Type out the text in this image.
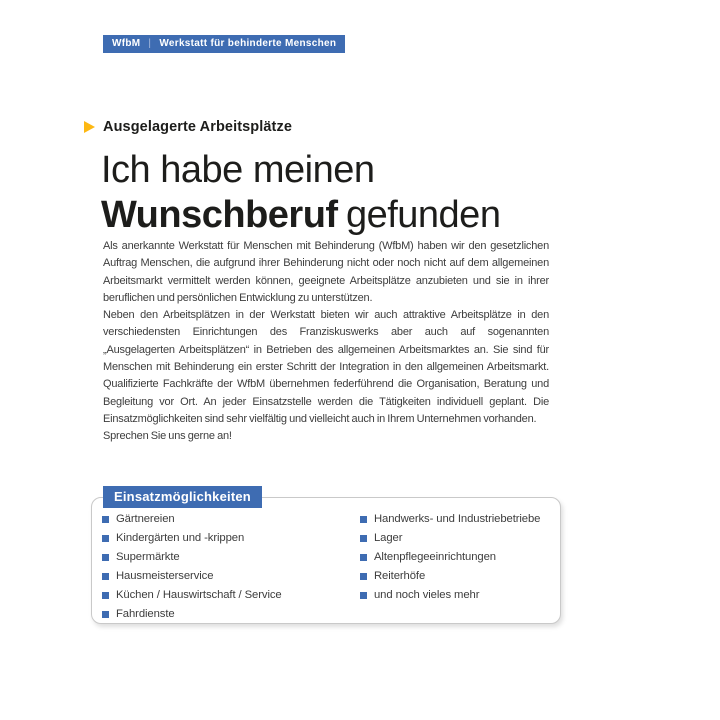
WfbM | Werkstatt für behinderte Menschen
Ausgelagerte Arbeitsplätze
Ich habe meinen
Wunschberuf gefunden

Als anerkannte Werkstatt für Menschen mit Behinderung (WfbM) haben wir den gesetzlichen Auftrag Menschen, die aufgrund ihrer Behinderung nicht oder noch nicht auf dem allgemeinen Arbeitsmarkt vermittelt werden können, geeignete Arbeitsplätze anzubieten und sie in ihrer beruflichen und persönlichen Entwicklung zu unterstützen.

Neben den Arbeitsplätzen in der Werkstatt bieten wir auch attraktive Arbeitsplätze in den verschiedensten Einrichtungen des Franziskuswerks aber auch auf sogenannten „Ausgelagerten Arbeitsplätzen“ in Betrieben des allgemeinen Arbeitsmarktes an. Sie sind für Menschen mit Behinderung ein erster Schritt der Integration in den allgemeinen Arbeitsmarkt. Qualifizierte Fachkräfte der WfbM übernehmen federführend die Organisation, Beratung und Begleitung vor Ort. An jeder Einsatzstelle werden die Tätigkeiten individuell geplant. Die Einsatzmöglichkeiten sind sehr vielfältig und vielleicht auch in Ihrem Unternehmen vorhanden.

Sprechen Sie uns gerne an!

Einsatzmöglichkeiten
Gärtnereien
Kindergärten und -krippen
Supermärkte
Hausmeisterservice
Küchen / Hauswirtschaft / Service
Fahrdienste
Handwerks- und Industriebetriebe
Lager
Altenpflegeeinrichtungen
Reiterhöfe
und noch vieles mehr
